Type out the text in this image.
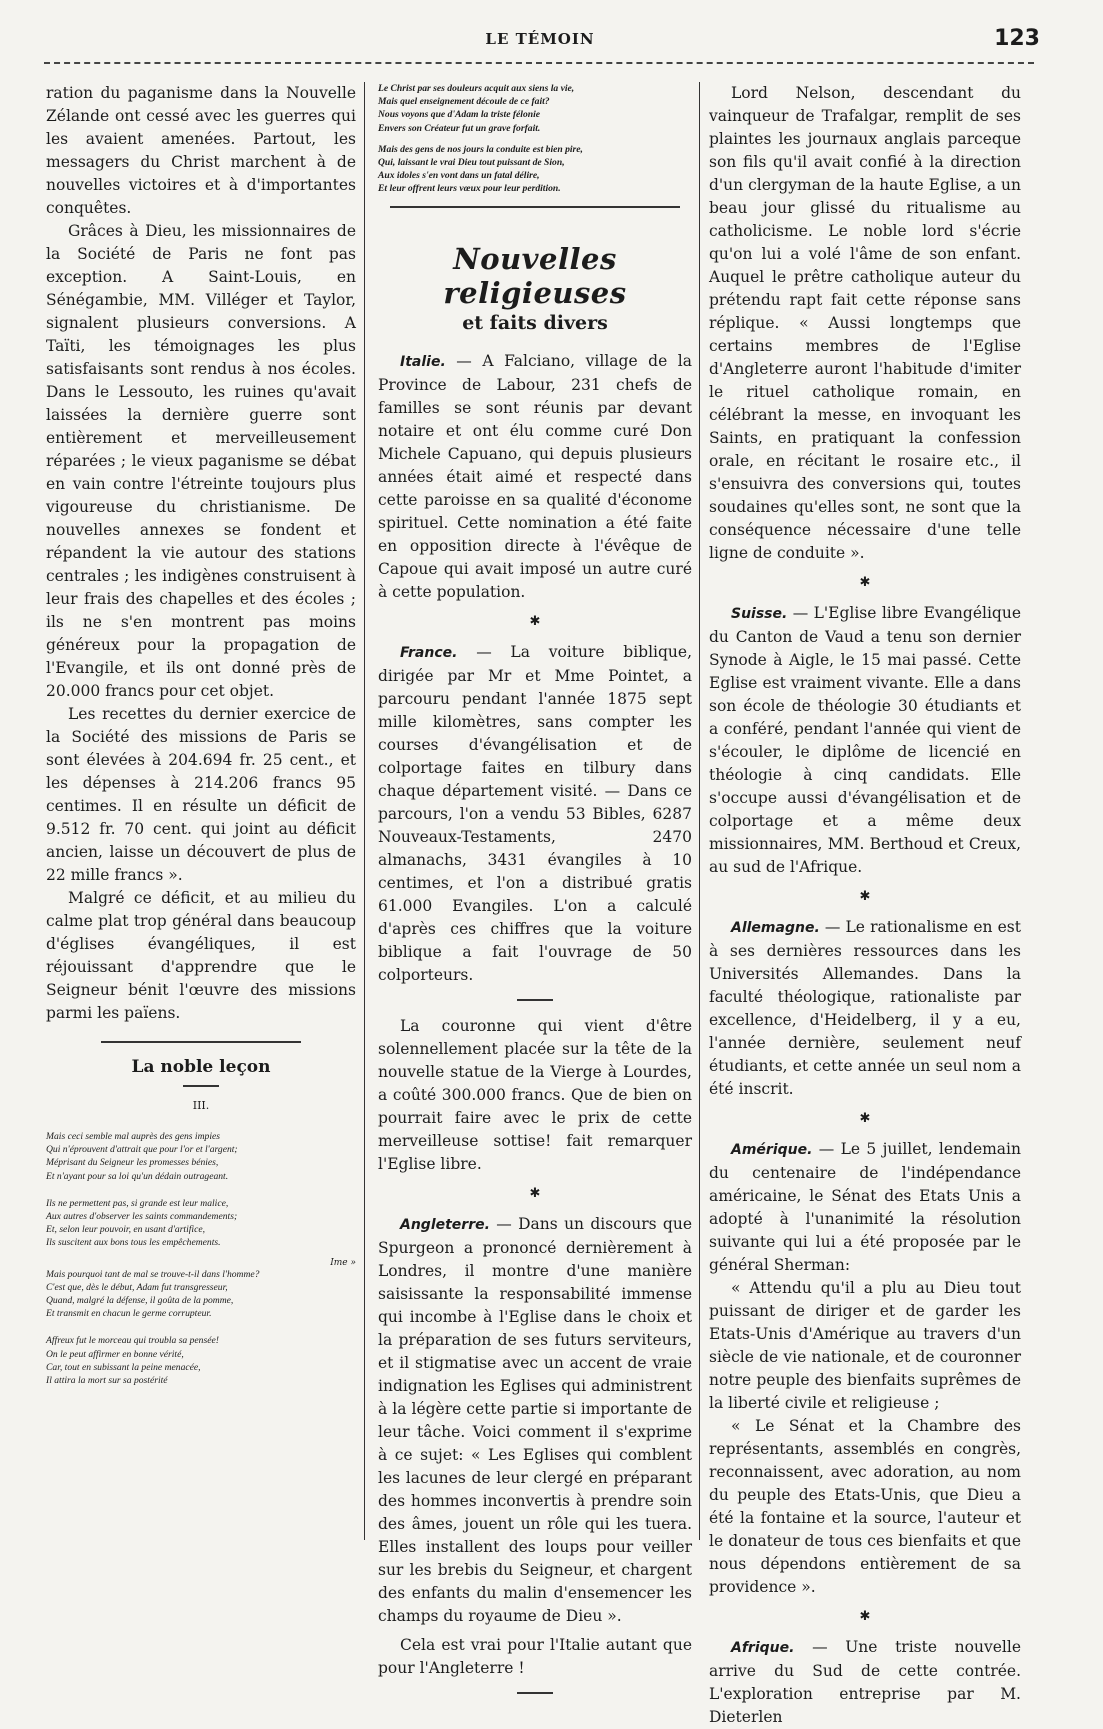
LE TÉMOIN	123

ration du paganisme dans la Nouvelle Zélande ont cessé avec les guerres qui les avaient amenées. Partout, les messagers du Christ marchent à de nouvelles victoires et à d'importantes conquêtes.

Grâces à Dieu, les missionnaires de la Société de Paris ne font pas exception. A Saint-Louis, en Sénégambie, MM. Villéger et Taylor, signalent plusieurs conversions. A Taïti, les témoignages les plus satisfaisants sont rendus à nos écoles. Dans le Lessouto, les ruines qu'avait laissées la dernière guerre sont entièrement et merveilleusement réparées ; le vieux paganisme se débat en vain contre l'étreinte toujours plus vigoureuse du christianisme. De nouvelles annexes se fondent et répandent la vie autour des stations centrales ; les indigènes construisent à leur frais des chapelles et des écoles ; ils ne s'en montrent pas moins généreux pour la propagation de l'Evangile, et ils ont donné près de 20.000 francs pour cet objet.

Les recettes du dernier exercice de la Société des missions de Paris se sont élevées à 204.694 fr. 25 cent., et les dépenses à 214.206 francs 95 centimes. Il en résulte un déficit de 9.512 fr. 70 cent. qui joint au déficit ancien, laisse un découvert de plus de 22 mille francs ».

Malgré ce déficit, et au milieu du calme plat trop général dans beaucoup d'églises évangéliques, il est réjouissant d'apprendre que le Seigneur bénit l'œuvre des missions parmi les païens.

La noble leçon
III.

Mais ceci semble mal auprès des gens impies

Qui n'éprouvent d'attrait que pour l'or et l'argent;

Méprisant du Seigneur les promesses bénies,

Et n'ayant pour sa loi qu'un dédain outrageant.

Ils ne permettent pas, si grande est leur malice,

Aux autres d'observer les saints commandements;

Et, selon leur pouvoir, en usant d'artifice,

Ils suscitent aux bons tous les empêchements.

Ime »

Mais pourquoi tant de mal se trouve-t-il dans l'homme?

C'est que, dès le début, Adam fut transgresseur,

Quand, malgré la défense, il goûta de la pomme,

Et transmit en chacun le germe corrupteur.

Affreux fut le morceau qui troubla sa pensée!

On le peut affirmer en bonne vérité,

Car, tout en subissant la peine menacée,

Il attira la mort sur sa postérité

Le Christ par ses douleurs acquit aux siens la vie,

Mais quel enseignement découle de ce fait?

Nous voyons que d'Adam la triste félonie

Envers son Créateur fut un grave forfait.

Mais des gens de nos jours la conduite est bien pire,

Qui, laissant le vrai Dieu tout puissant de Sion,

Aux idoles s'en vont dans un fatal délire,

Et leur offrent leurs vœux pour leur perdition.

Nouvelles religieuses
et faits divers

Italie. — A Falciano, village de la Province de Labour, 231 chefs de familles se sont réunis par devant notaire et ont élu comme curé Don Michele Capuano, qui depuis plusieurs années était aimé et respecté dans cette paroisse en sa qualité d'économe spirituel. Cette nomination a été faite en opposition directe à l'évêque de Capoue qui avait imposé un autre curé à cette population.

✱

France. — La voiture biblique, dirigée par Mr et Mme Pointet, a parcouru pendant l'année 1875 sept mille kilomètres, sans compter les courses d'évangélisation et de colportage faites en tilbury dans chaque département visité. — Dans ce parcours, l'on a vendu 53 Bibles, 6287 Nouveaux-Testaments, 2470 almanachs, 3431 évangiles à 10 centimes, et l'on a distribué gratis 61.000 Evangiles. L'on a calculé d'après ces chiffres que la voiture biblique a fait l'ouvrage de 50 colporteurs.

La couronne qui vient d'être solennellement placée sur la tête de la nouvelle statue de la Vierge à Lourdes, a coûté 300.000 francs. Que de bien on pourrait faire avec le prix de cette merveilleuse sottise! fait remarquer l'Eglise libre.

✱

Angleterre. — Dans un discours que Spurgeon a prononcé dernièrement à Londres, il montre d'une manière saisissante la responsabilité immense qui incombe à l'Eglise dans le choix et la préparation de ses futurs serviteurs, et il stigmatise avec un accent de vraie indignation les Eglises qui administrent à la légère cette partie si importante de leur tâche. Voici comment il s'exprime à ce sujet: « Les Eglises qui comblent les lacunes de leur clergé en préparant des hommes inconvertis à prendre soin des âmes, jouent un rôle qui les tuera. Elles installent des loups pour veiller sur les brebis du Seigneur, et chargent des enfants du malin d'ensemencer les champs du royaume de Dieu ».

Cela est vrai pour l'Italie autant que pour l'Angleterre !

Lord Nelson, descendant du vainqueur de Trafalgar, remplit de ses plaintes les journaux anglais parceque son fils qu'il avait confié à la direction d'un clergyman de la haute Eglise, a un beau jour glissé du ritualisme au catholicisme. Le noble lord s'écrie qu'on lui a volé l'âme de son enfant. Auquel le prêtre catholique auteur du prétendu rapt fait cette réponse sans réplique. « Aussi longtemps que certains membres de l'Eglise d'Angleterre auront l'habitude d'imiter le rituel catholique romain, en célébrant la messe, en invoquant les Saints, en pratiquant la confession orale, en récitant le rosaire etc., il s'ensuivra des conversions qui, toutes soudaines qu'elles sont, ne sont que la conséquence nécessaire d'une telle ligne de conduite ».

✱

Suisse. — L'Eglise libre Evangélique du Canton de Vaud a tenu son dernier Synode à Aigle, le 15 mai passé. Cette Eglise est vraiment vivante. Elle a dans son école de théologie 30 étudiants et a conféré, pendant l'année qui vient de s'écouler, le diplôme de licencié en théologie à cinq candidats. Elle s'occupe aussi d'évangélisation et de colportage et a même deux missionnaires, MM. Berthoud et Creux, au sud de l'Afrique.

✱

Allemagne. — Le rationalisme en est à ses dernières ressources dans les Universités Allemandes. Dans la faculté théologique, rationaliste par excellence, d'Heidelberg, il y a eu, l'année dernière, seulement neuf étudiants, et cette année un seul nom a été inscrit.

✱

Amérique. — Le 5 juillet, lendemain du centenaire de l'indépendance américaine, le Sénat des Etats Unis a adopté à l'unanimité la résolution suivante qui lui a été proposée par le général Sherman:

« Attendu qu'il a plu au Dieu tout puissant de diriger et de garder les Etats-Unis d'Amérique au travers d'un siècle de vie nationale, et de couronner notre peuple des bienfaits suprêmes de la liberté civile et religieuse ;

« Le Sénat et la Chambre des représentants, assemblés en congrès, reconnaissent, avec adoration, au nom du peuple des Etats-Unis, que Dieu a été la fontaine et la source, l'auteur et le donateur de tous ces bienfaits et que nous dépendons entièrement de sa providence ».

✱

Afrique. — Une triste nouvelle arrive du Sud de cette contrée. L'exploration entreprise par M. Dieterlen
